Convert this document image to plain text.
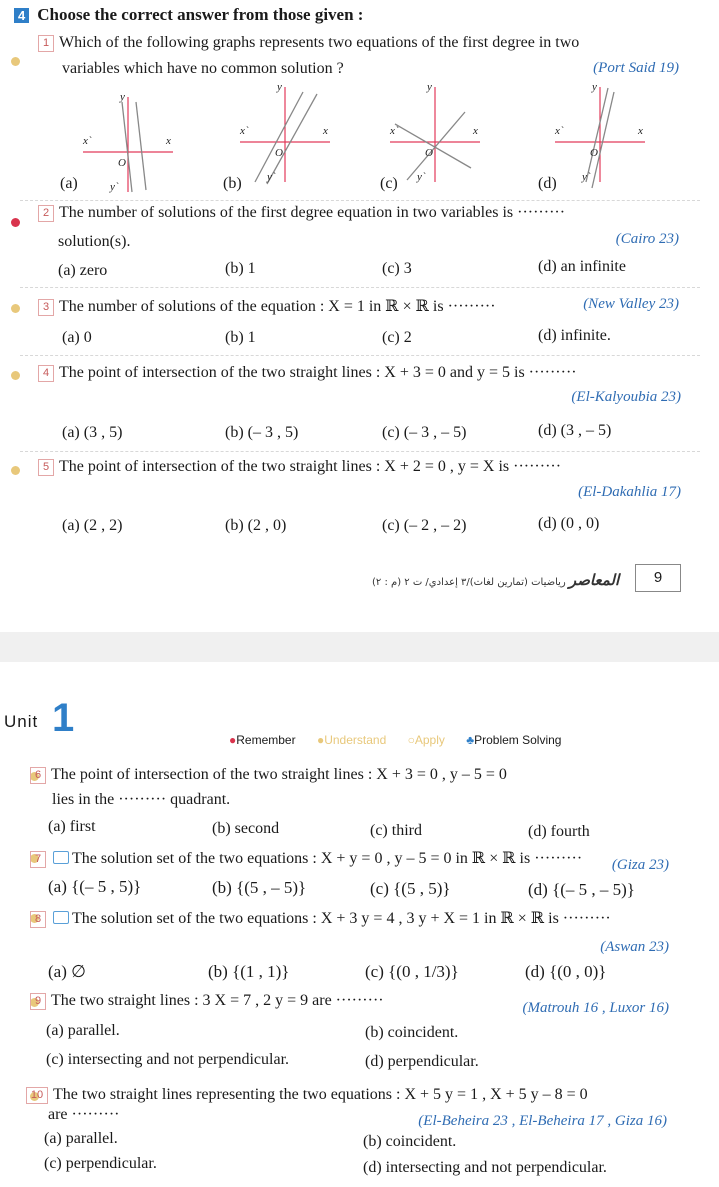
4 Choose the correct answer from those given :
1 Which of the following graphs represents two equations of the first degree in two
variables which have no common solution ?	(Port Said 19)
x
x`
y
y`
O
x
x`
y
y`
O
x
x`
y
y`
O
x
x`
y
y`
O
(a)	(b)	(c)	(d)
2 The number of solutions of the first degree equation in two variables is ·········
solution(s).	(Cairo 23)
(a) zero	(b) 1	(c) 3	(d) an infinite
3 The number of solutions of the equation : X = 1 in ℝ × ℝ is ·········	(New Valley 23)
(a) 0	(b) 1	(c) 2	(d) infinite.
4 The point of intersection of the two straight lines : X + 3 = 0 and y = 5 is ·········
(El-Kalyoubia 23)
(a) (3 , 5)	(b) (– 3 , 5)	(c) (– 3 , – 5)	(d) (3 , – 5)
5 The point of intersection of the two straight lines : X + 2 = 0 , y = X is ·········
(El-Dakahlia 17)
(a) (2 , 2)	(b) (2 , 0)	(c) (– 2 , – 2)	(d) (0 , 0)
المعاصر رياضيات (تمارين لغات)/٣ إعدادي/ ت ٢ (م : ٢)	9
Unit 1	●Remember ●Understand ○Apply ♣Problem Solving
6 The point of intersection of the two straight lines : X + 3 = 0 , y – 5 = 0
lies in the ········· quadrant.
(a) first	(b) second	(c) third	(d) fourth
7 The solution set of the two equations : X + y = 0 , y – 5 = 0 in ℝ × ℝ is ········· (Giza 23)
(a) {(– 5 , 5)}	(b) {(5 , – 5)}	(c) {(5 , 5)}	(d) {(– 5 , – 5)}
8 The solution set of the two equations : X + 3 y = 4 , 3 y + X = 1 in ℝ × ℝ is ·········
(Aswan 23)
(a) ∅	(b) {(1 , 1)}	(c) {(0 , 1/3)}	(d) {(0 , 0)}
9 The two straight lines : 3 X = 7 , 2 y = 9 are ·········	(Matrouh 16 , Luxor 16)
(a) parallel.	(b) coincident.
(c) intersecting and not perpendicular.	(d) perpendicular.
10 The two straight lines representing the two equations : X + 5 y = 1 , X + 5 y – 8 = 0
are ·········	(El-Beheira 23 , El-Beheira 17 , Giza 16)
(a) parallel.	(b) coincident.
(c) perpendicular.	(d) intersecting and not perpendicular.
